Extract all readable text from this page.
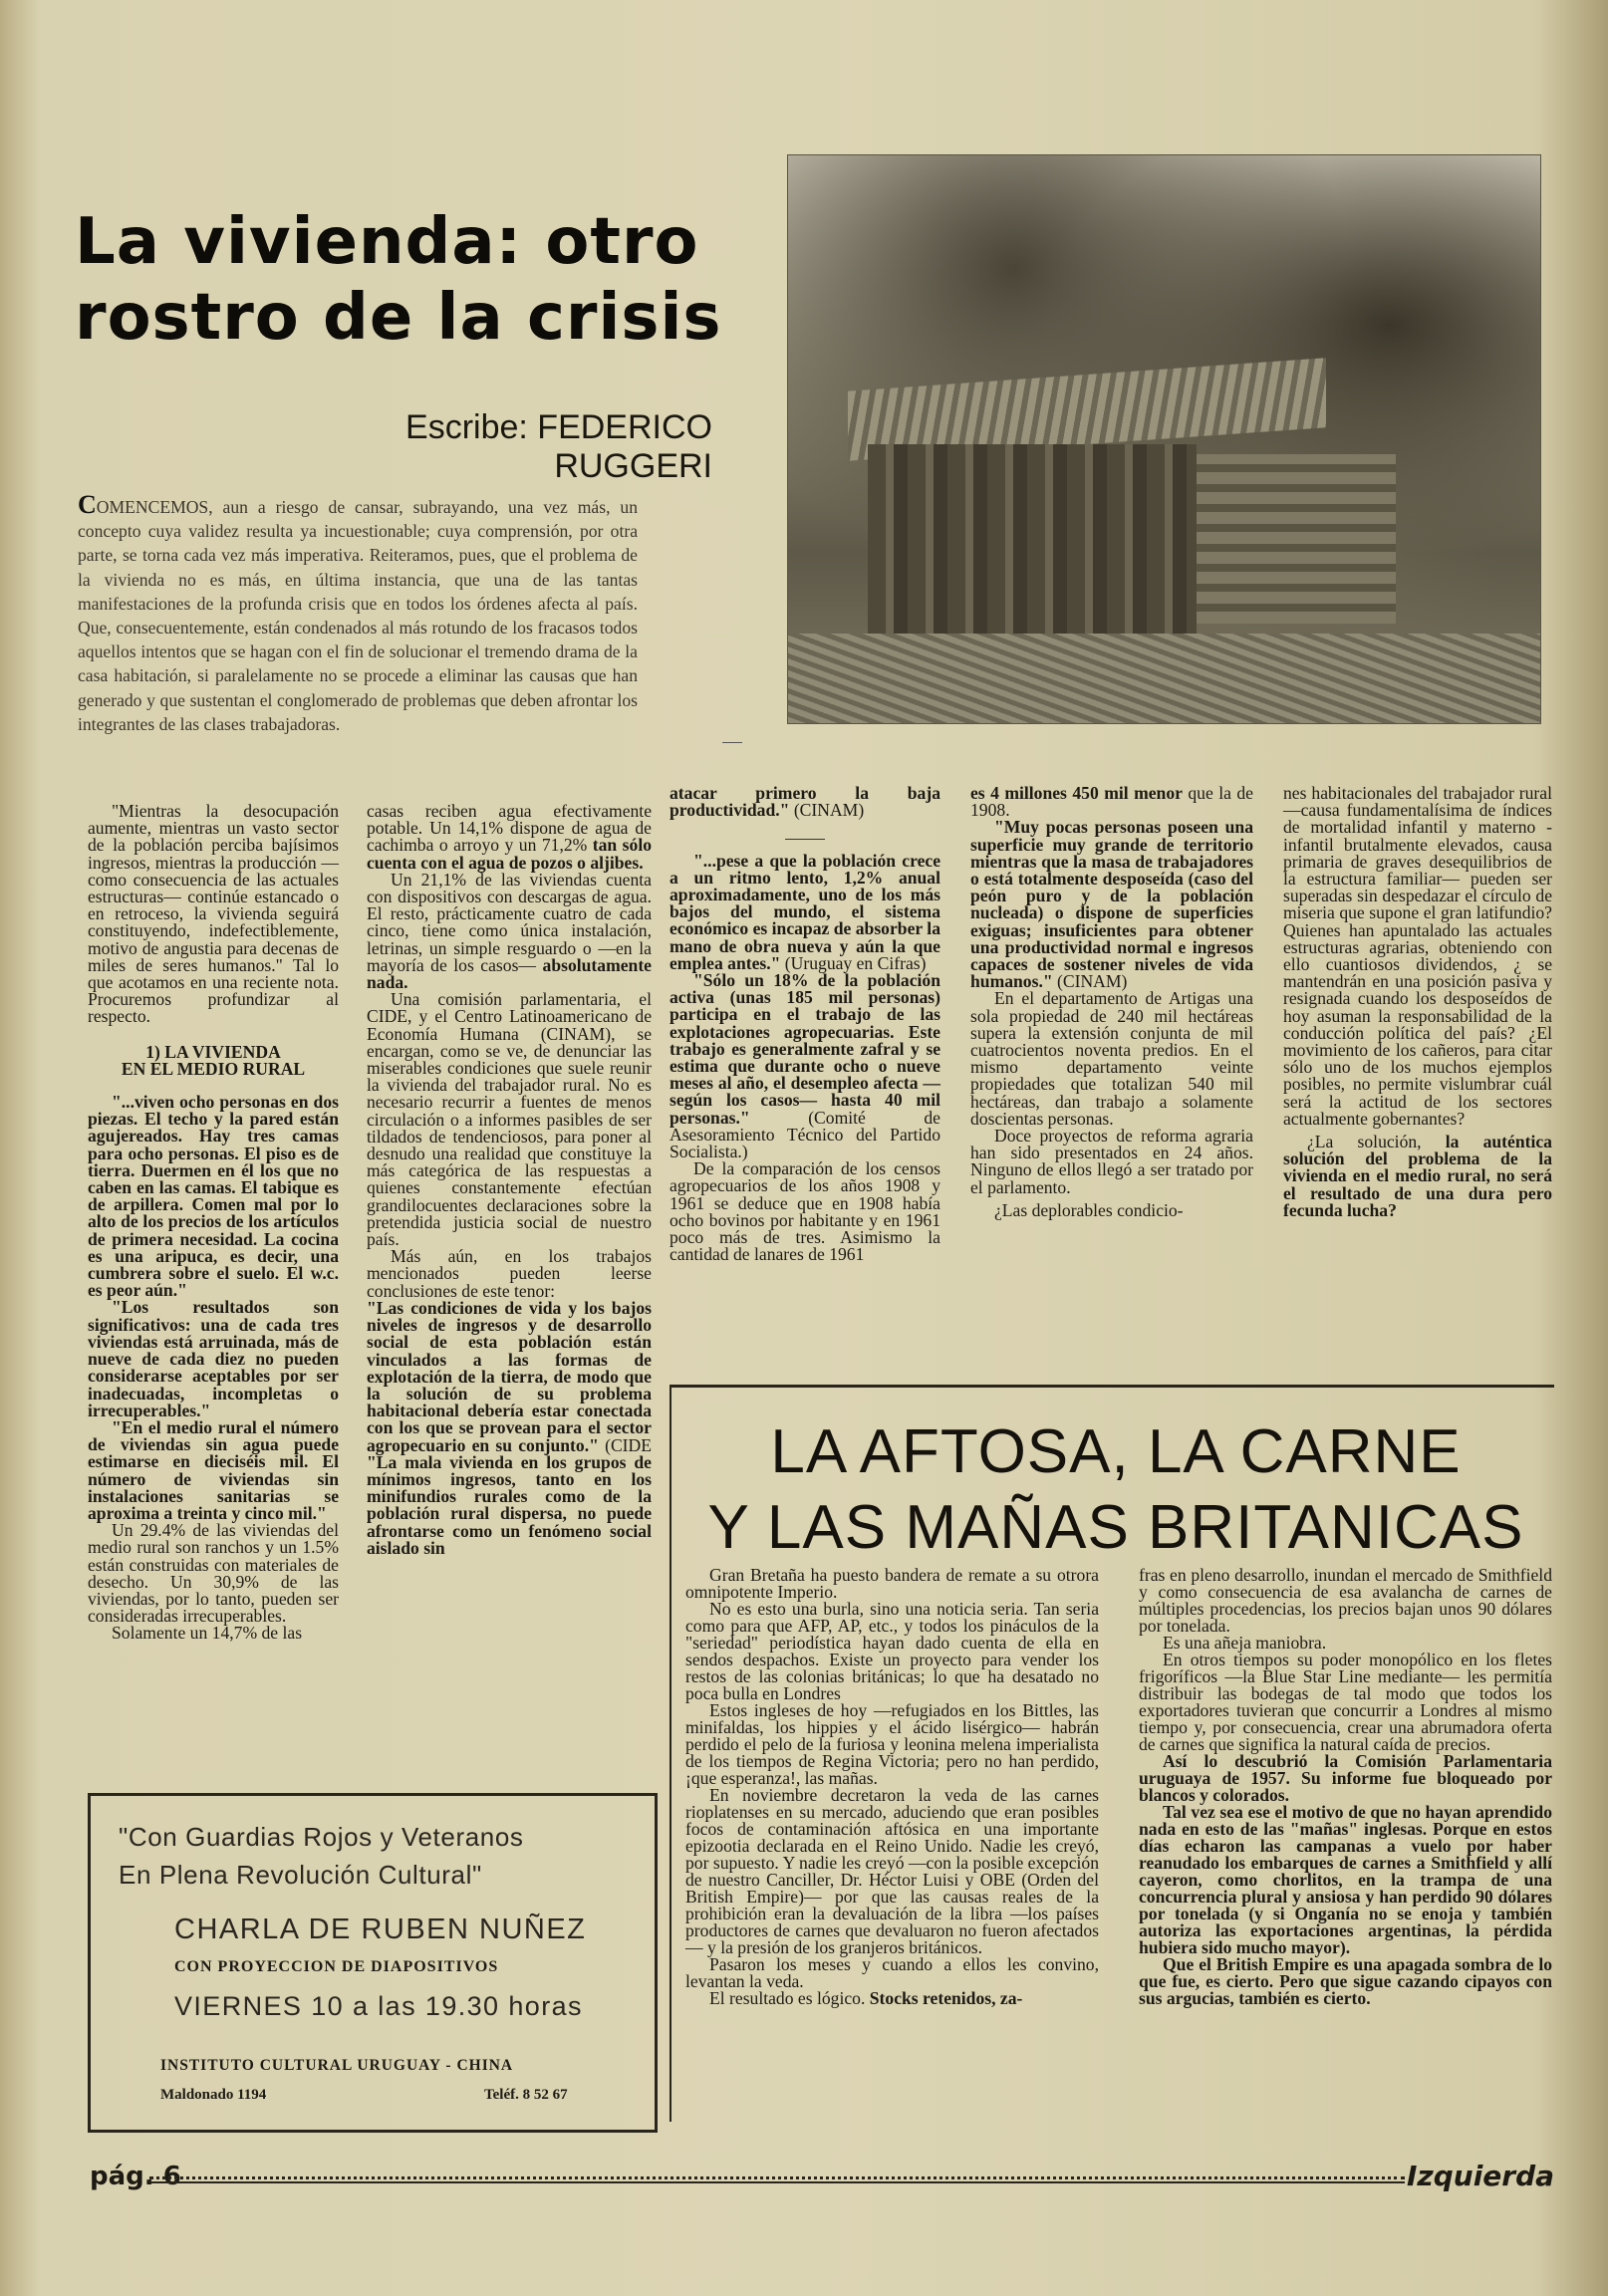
La vivienda: otro
rostro de la crisis
Escribe: FEDERICO RUGGERI
COMENCEMOS, aun a riesgo de cansar, subrayando, una vez más, un concepto cuya validez resulta ya incuestionable; cuya comprensión, por otra parte, se torna cada vez más imperativa. Reiteramos, pues, que el problema de la vivienda no es más, en última instancia, que una de las tantas manifestaciones de la profunda crisis que en todos los órdenes afecta al país. Que, consecuentemente, están condenados al más rotundo de los fracasos todos aquellos intentos que se hagan con el fin de solucionar el tremendo drama de la casa habitación, si paralelamente no se procede a eliminar las causas que han generado y que sustentan el conglomerado de problemas que deben afrontar los integrantes de las clases trabajadoras.

"Mientras la desocupación aumente, mientras un vasto sector de la población perciba bajísimos ingresos, mientras la producción —como consecuencia de las actuales estructuras— continúe estancado o en retroceso, la vivienda seguirá constituyendo, indefectiblemente, motivo de angustia para decenas de miles de seres humanos." Tal lo que acotamos en una reciente nota. Procuremos profundizar al respecto.

1) LA VIVIENDA
EN EL MEDIO RURAL

"...viven ocho personas en dos piezas. El techo y la pared están agujereados. Hay tres camas para ocho personas. El piso es de tierra. Duermen en él los que no caben en las camas. El tabique es de arpillera. Comen mal por lo alto de los precios de los artículos de primera necesidad. La cocina es una aripuca, es decir, una cumbrera sobre el suelo. El w.c. es peor aún."

"Los resultados son significativos: una de cada tres viviendas está arruinada, más de nueve de cada diez no pueden considerarse aceptables por ser inadecuadas, incompletas o irrecuperables."

"En el medio rural el número de viviendas sin agua puede estimarse en dieciséis mil. El número de viviendas sin instalaciones sanitarias se aproxima a treinta y cinco mil."

Un 29.4% de las viviendas del medio rural son ranchos y un 1.5% están construidas con materiales de desecho. Un 30,9% de las viviendas, por lo tanto, pueden ser consideradas irrecuperables.

Solamente un 14,7% de las

casas reciben agua efectivamente potable. Un 14,1% dispone de agua de cachimba o arroyo y un 71,2% tan sólo cuenta con el agua de pozos o aljibes.

Un 21,1% de las viviendas cuenta con dispositivos con descargas de agua. El resto, prácticamente cuatro de cada cinco, tiene como única instalación, letrinas, un simple resguardo o —en la mayoría de los casos— absolutamente nada.

Una comisión parlamentaria, el CIDE, y el Centro Latinoamericano de Economía Humana (CINAM), se encargan, como se ve, de denunciar las miserables condiciones que suele reunir la vivienda del trabajador rural. No es necesario recurrir a fuentes de menos circulación o a informes pasibles de ser tildados de tendenciosos, para poner al desnudo una realidad que constituye la más categórica de las respuestas a quienes constantemente efectúan grandilocuentes declaraciones sobre la pretendida justicia social de nuestro país.

Más aún, en los trabajos mencionados pueden leerse conclusiones de este tenor:

"Las condiciones de vida y los bajos niveles de ingresos y de desarrollo social de esta población están vinculados a las formas de explotación de la tierra, de modo que la solución de su problema habitacional debería estar conectada con los que se provean para el sector agropecuario en su conjunto." (CIDE "La mala vivienda en los grupos de mínimos ingresos, tanto en los minifundios rurales como de la población rural dispersa, no puede afrontarse como un fenómeno social aislado sin

atacar primero la baja productividad." (CINAM)

"...pese a que la población crece a un ritmo lento, 1,2% anual aproximadamente, uno de los más bajos del mundo, el sistema económico es incapaz de absorber la mano de obra nueva y aún la que emplea antes." (Uruguay en Cifras)

"Sólo un 18% de la población activa (unas 185 mil personas) participa en el trabajo de las explotaciones agropecuarias. Este trabajo es generalmente zafral y se estima que durante ocho o nueve meses al año, el desempleo afecta —según los casos— hasta 40 mil personas." (Comité de Asesoramiento Técnico del Partido Socialista.)

De la comparación de los censos agropecuarios de los años 1908 y 1961 se deduce que en 1908 había ocho bovinos por habitante y en 1961 poco más de tres. Asimismo la cantidad de lanares de 1961

es 4 millones 450 mil menor que la de 1908.

"Muy pocas personas poseen una superficie muy grande de territorio mientras que la masa de trabajadores o está totalmente desposeída (caso del peón puro y de la población nucleada) o dispone de superficies exiguas; insuficientes para obtener una productividad normal e ingresos capaces de sostener niveles de vida humanos." (CINAM)

En el departamento de Artigas una sola propiedad de 240 mil hectáreas supera la extensión conjunta de mil cuatrocientos noventa predios. En el mismo departamento veinte propiedades que totalizan 540 mil hectáreas, dan trabajo a solamente doscientas personas.

Doce proyectos de reforma agraria han sido presentados en 24 años. Ninguno de ellos llegó a ser tratado por el parlamento.

¿Las deplorables condicio-

nes habitacionales del trabajador rural —causa fundamentalísima de índices de mortalidad infantil y materno - infantil brutalmente elevados, causa primaria de graves desequilibrios de la estructura familiar— pueden ser superadas sin despedazar el círculo de miseria que supone el gran latifundio? Quienes han apuntalado las actuales estructuras agrarias, obteniendo con ello cuantiosos dividendos, ¿ se mantendrán en una posición pasiva y resignada cuando los desposeídos de hoy asuman la responsabilidad de la conducción política del país? ¿El movimiento de los cañeros, para citar sólo uno de los muchos ejemplos posibles, no permite vislumbrar cuál será la actitud de los sectores actualmente gobernantes?

¿La solución, la auténtica solución del problema de la vivienda en el medio rural, no será el resultado de una dura pero fecunda lucha?

"Con Guardias Rojos y Veteranos
En Plena Revolución Cultural"
CHARLA DE RUBEN NUÑEZ
CON PROYECCION DE DIAPOSITIVOS
VIERNES 10 a las 19.30 horas
INSTITUTO CULTURAL URUGUAY - CHINA
Maldonado 1194	Teléf. 8 52 67
LA AFTOSA, LA CARNE
Y LAS MAÑAS BRITANICAS

Gran Bretaña ha puesto bandera de remate a su otrora omnipotente Imperio.

No es esto una burla, sino una noticia seria. Tan seria como para que AFP, AP, etc., y todos los pináculos de la "seriedad" periodística hayan dado cuenta de ella en sendos despachos. Existe un proyecto para vender los restos de las colonias británicas; lo que ha desatado no poca bulla en Londres

Estos ingleses de hoy —refugiados en los Bittles, las minifaldas, los hippies y el ácido lisérgico— habrán perdido el pelo de la furiosa y leonina melena imperialista de los tiempos de Regina Victoria; pero no han perdido, ¡que esperanza!, las mañas.

En noviembre decretaron la veda de las carnes rioplatenses en su mercado, aduciendo que eran posibles focos de contaminación aftósica en una importante epizootia declarada en el Reino Unido. Nadie les creyó, por supuesto. Y nadie les creyó —con la posible excepción de nuestro Canciller, Dr. Héctor Luisi y OBE (Orden del British Empire)— por que las causas reales de la prohibición eran la devaluación de la libra —los países productores de carnes que devaluaron no fueron afectados— y la presión de los granjeros británicos.

Pasaron los meses y cuando a ellos les convino, levantan la veda.

El resultado es lógico. Stocks retenidos, za-

fras en pleno desarrollo, inundan el mercado de Smithfield y como consecuencia de esa avalancha de carnes de múltiples procedencias, los precios bajan unos 90 dólares por tonelada.

Es una añeja maniobra.

En otros tiempos su poder monopólico en los fletes frigoríficos —la Blue Star Line mediante— les permitía distribuir las bodegas de tal modo que todos los exportadores tuvieran que concurrir a Londres al mismo tiempo y, por consecuencia, crear una abrumadora oferta de carnes que significa la natural caída de precios.

Así lo descubrió la Comisión Parlamentaria uruguaya de 1957. Su informe fue bloqueado por blancos y colorados.

Tal vez sea ese el motivo de que no hayan aprendido nada en esto de las "mañas" inglesas. Porque en estos días echaron las campanas a vuelo por haber reanudado los embarques de carnes a Smithfield y allí cayeron, como chorlitos, en la trampa de una concurrencia plural y ansiosa y han perdido 90 dólares por tonelada (y si Onganía no se enoja y también autoriza las exportaciones argentinas, la pérdida hubiera sido mucho mayor).

Que el British Empire es una apagada sombra de lo que fue, es cierto. Pero que sigue cazando cipayos con sus argucias, también es cierto.

pág. 6	Izquierda
